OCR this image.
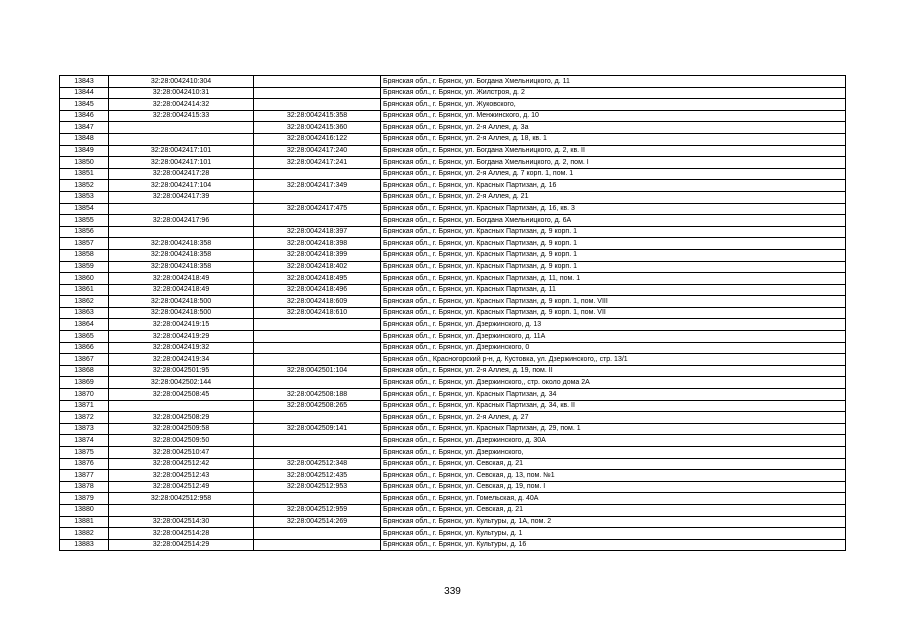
13843	32:28:0042410:304		Брянская обл., г. Брянск, ул. Богдана Хмельницкого, д. 11
13844	32:28:0042410:31		Брянская обл., г. Брянск, ул. Жилстроя, д. 2
13845	32:28:0042414:32		Брянская обл., г. Брянск, ул. Жуковского,
13846	32:28:0042415:33	32:28:0042415:358	Брянская обл., г. Брянск, ул. Менжинского, д. 10
13847		32:28:0042415:360	Брянская обл., г. Брянск, ул. 2-я Аллея, д. 3а
13848		32:28:0042416:122	Брянская обл., г. Брянск, ул. 2-я Аллея, д. 18, кв. 1
13849	32:28:0042417:101	32:28:0042417:240	Брянская обл., г. Брянск, ул. Богдана Хмельницкого, д. 2, кв. II
13850	32:28:0042417:101	32:28:0042417:241	Брянская обл., г. Брянск, ул. Богдана Хмельницкого, д. 2, пом. I
13851	32:28:0042417:28		Брянская обл., г. Брянск, ул. 2-я Аллея, д. 7 корп. 1, пом. 1
13852	32:28:0042417:104	32:28:0042417:349	Брянская обл., г. Брянск, ул. Красных Партизан, д. 16
13853	32:28:0042417:39		Брянская обл., г. Брянск, ул. 2-я Аллея, д. 21
13854		32:28:0042417:475	Брянская обл., г. Брянск, ул. Красных Партизан, д. 16, кв. 3
13855	32:28:0042417:96		Брянская обл., г. Брянск, ул. Богдана Хмельницкого, д. 6А
13856		32:28:0042418:397	Брянская обл., г. Брянск, ул. Красных Партизан, д. 9 корп. 1
13857	32:28:0042418:358	32:28:0042418:398	Брянская обл., г. Брянск, ул. Красных Партизан, д. 9 корп. 1
13858	32:28:0042418:358	32:28:0042418:399	Брянская обл., г. Брянск, ул. Красных Партизан, д. 9 корп. 1
13859	32:28:0042418:358	32:28:0042418:402	Брянская обл., г. Брянск, ул. Красных Партизан, д. 9 корп. 1
13860	32:28:0042418:49	32:28:0042418:495	Брянская обл., г. Брянск, ул. Красных Партизан, д. 11, пом. 1
13861	32:28:0042418:49	32:28:0042418:496	Брянская обл., г. Брянск, ул. Красных Партизан, д. 11
13862	32:28:0042418:500	32:28:0042418:609	Брянская обл., г. Брянск, ул. Красных Партизан, д. 9 корп. 1, пом. VIII
13863	32:28:0042418:500	32:28:0042418:610	Брянская обл., г. Брянск, ул. Красных Партизан, д. 9 корп. 1, пом. VII
13864	32:28:0042419:15		Брянская обл., г. Брянск, ул. Дзержинского, д. 13
13865	32:28:0042419:29		Брянская обл., г. Брянск, ул. Дзержинского, д. 11А
13866	32:28:0042419:32		Брянская обл., г. Брянск, ул. Дзержинского, 0
13867	32:28:0042419:34		Брянская обл., Красногорский р-н, д. Кустовка, ул. Дзержинского,, стр. 13/1
13868	32:28:0042501:95	32:28:0042501:104	Брянская обл., г. Брянск, ул. 2-я Аллея, д. 19, пом. II
13869	32:28:0042502:144		Брянская обл., г. Брянск, ул. Дзержинского,, стр. около дома 2А
13870	32:28:0042508:45	32:28:0042508:188	Брянская обл., г. Брянск, ул. Красных Партизан, д. 34
13871		32:28:0042508:265	Брянская обл., г. Брянск, ул. Красных Партизан, д. 34, кв. II
13872	32:28:0042508:29		Брянская обл., г. Брянск, ул. 2-я Аллея, д. 27
13873	32:28:0042509:58	32:28:0042509:141	Брянская обл., г. Брянск, ул. Красных Партизан, д. 29, пом. 1
13874	32:28:0042509:50		Брянская обл., г. Брянск, ул. Дзержинского, д. 30А
13875	32:28:0042510:47		Брянская обл., г. Брянск, ул. Дзержинского,
13876	32:28:0042512:42	32:28:0042512:348	Брянская обл., г. Брянск, ул. Севская, д. 21
13877	32:28:0042512:43	32:28:0042512:435	Брянская обл., г. Брянск, ул. Севская, д. 13, пом. №1
13878	32:28:0042512:49	32:28:0042512:953	Брянская обл., г. Брянск, ул. Севская, д. 19, пом. I
13879	32:28:0042512:958		Брянская обл., г. Брянск, ул. Гомельская, д. 40А
13880		32:28:0042512:959	Брянская обл., г. Брянск, ул. Севская, д. 21
13881	32:28:0042514:30	32:28:0042514:269	Брянская обл., г. Брянск, ул. Культуры, д. 1А, пом. 2
13882	32:28:0042514:28		Брянская обл., г. Брянск, ул. Культуры, д. 1
13883	32:28:0042514:29		Брянская обл., г. Брянск, ул. Культуры, д. 16
339
